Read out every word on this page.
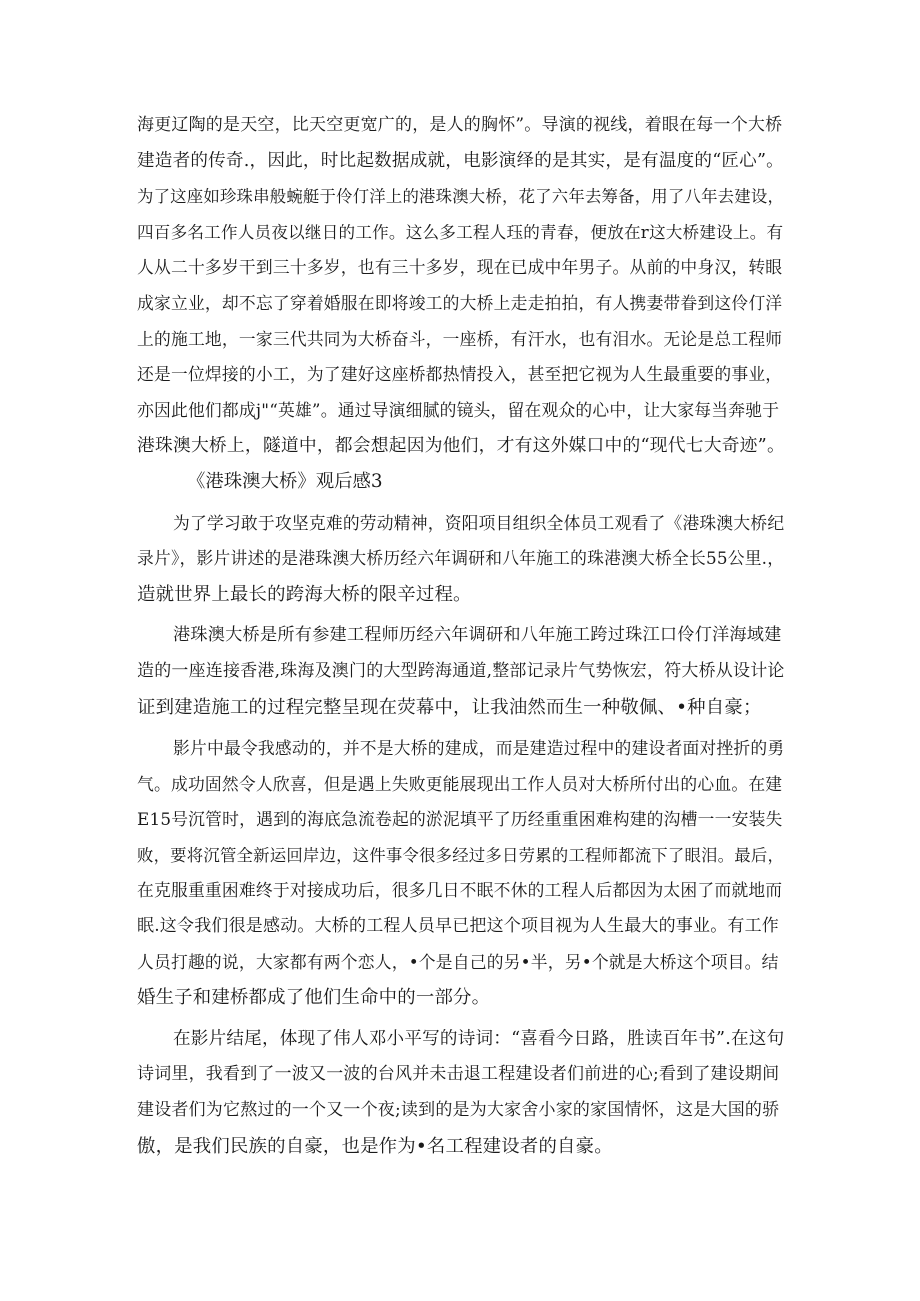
海更辽陶的是天空，比天空更宽广的，是人的胸怀”。导演的视线，着眼在每一个大桥
建造者的传奇.，因此，时比起数据成就，电影演绎的是其实，是有温度的“匠心”。
为了这座如珍珠串般蜿艇于伶仃洋上的港珠澳大桥，花了六年去筹备，用了八年去建设，
四百多名工作人员夜以继日的工作。这么多工程人珏的青春，便放在r这大桥建设上。有
人从二十多岁干到三十多岁，也有三十多岁，现在已成中年男子。从前的中身汉，转眼
成家立业，却不忘了穿着婚服在即将竣工的大桥上走走拍拍，有人携妻带眷到这伶仃洋
上的施工地，一家三代共同为大桥奋斗，一座桥，有汗水，也有泪水。无论是总工程师
还是一位焊接的小工，为了建好这座桥都热情投入，甚至把它视为人生最重要的事业，
亦因此他们都成j"“英雄”。通过导演细腻的镜头，留在观众的心中，让大家每当奔驰于
港珠澳大桥上，隧道中，都会想起因为他们，才有这外媒口中的“现代七大奇迹”。
《港珠澳大桥》观后感3
为了学习敢于攻坚克难的劳动精神，资阳项目组织全体员工观看了《港珠澳大桥纪
录片》，影片讲述的是港珠澳大桥历经六年调研和八年施工的珠港澳大桥全长55公里.，
造就世界上最长的跨海大桥的限辛过程。
港珠澳大桥是所有参建工程师历经六年调研和八年施工跨过珠江口伶仃洋海域建
造的一座连接香港,珠海及澳门的大型跨海通道,整部记录片气势恢宏，符大桥从设计论
证到建造施工的过程完整呈现在荧幕中，让我油然而生一种敬佩、•种自豪；
影片中最令我感动的，并不是大桥的建成，而是建造过程中的建设者面对挫折的勇
气。成功固然令人欣喜，但是遇上失败更能展现出工作人员对大桥所付出的心血。在建
E15号沉管时，遇到的海底急流卷起的淤泥填平了历经重重困难构建的沟槽一一安装失
败，要将沉管全新运回岸边，这件事令很多经过多日劳累的工程师都流下了眼泪。最后，
在克服重重困难终于对接成功后，很多几日不眠不休的工程人后都因为太困了而就地而
眠.这令我们很是感动。大桥的工程人员早已把这个项目视为人生最大的事业。有工作
人员打趣的说，大家都有两个恋人，•个是自己的另•半，另•个就是大桥这个项目。结
婚生子和建桥都成了他们生命中的一部分。
在影片结尾，体现了伟人邓小平写的诗词：“喜看今日路，胜读百年书”.在这句
诗词里，我看到了一波又一波的台风并未击退工程建设者们前进的心;看到了建设期间
建设者们为它熬过的一个又一个夜;读到的是为大家舍小家的家国情怀，这是大国的骄
傲，是我们民族的自豪，也是作为•名工程建设者的自豪。
